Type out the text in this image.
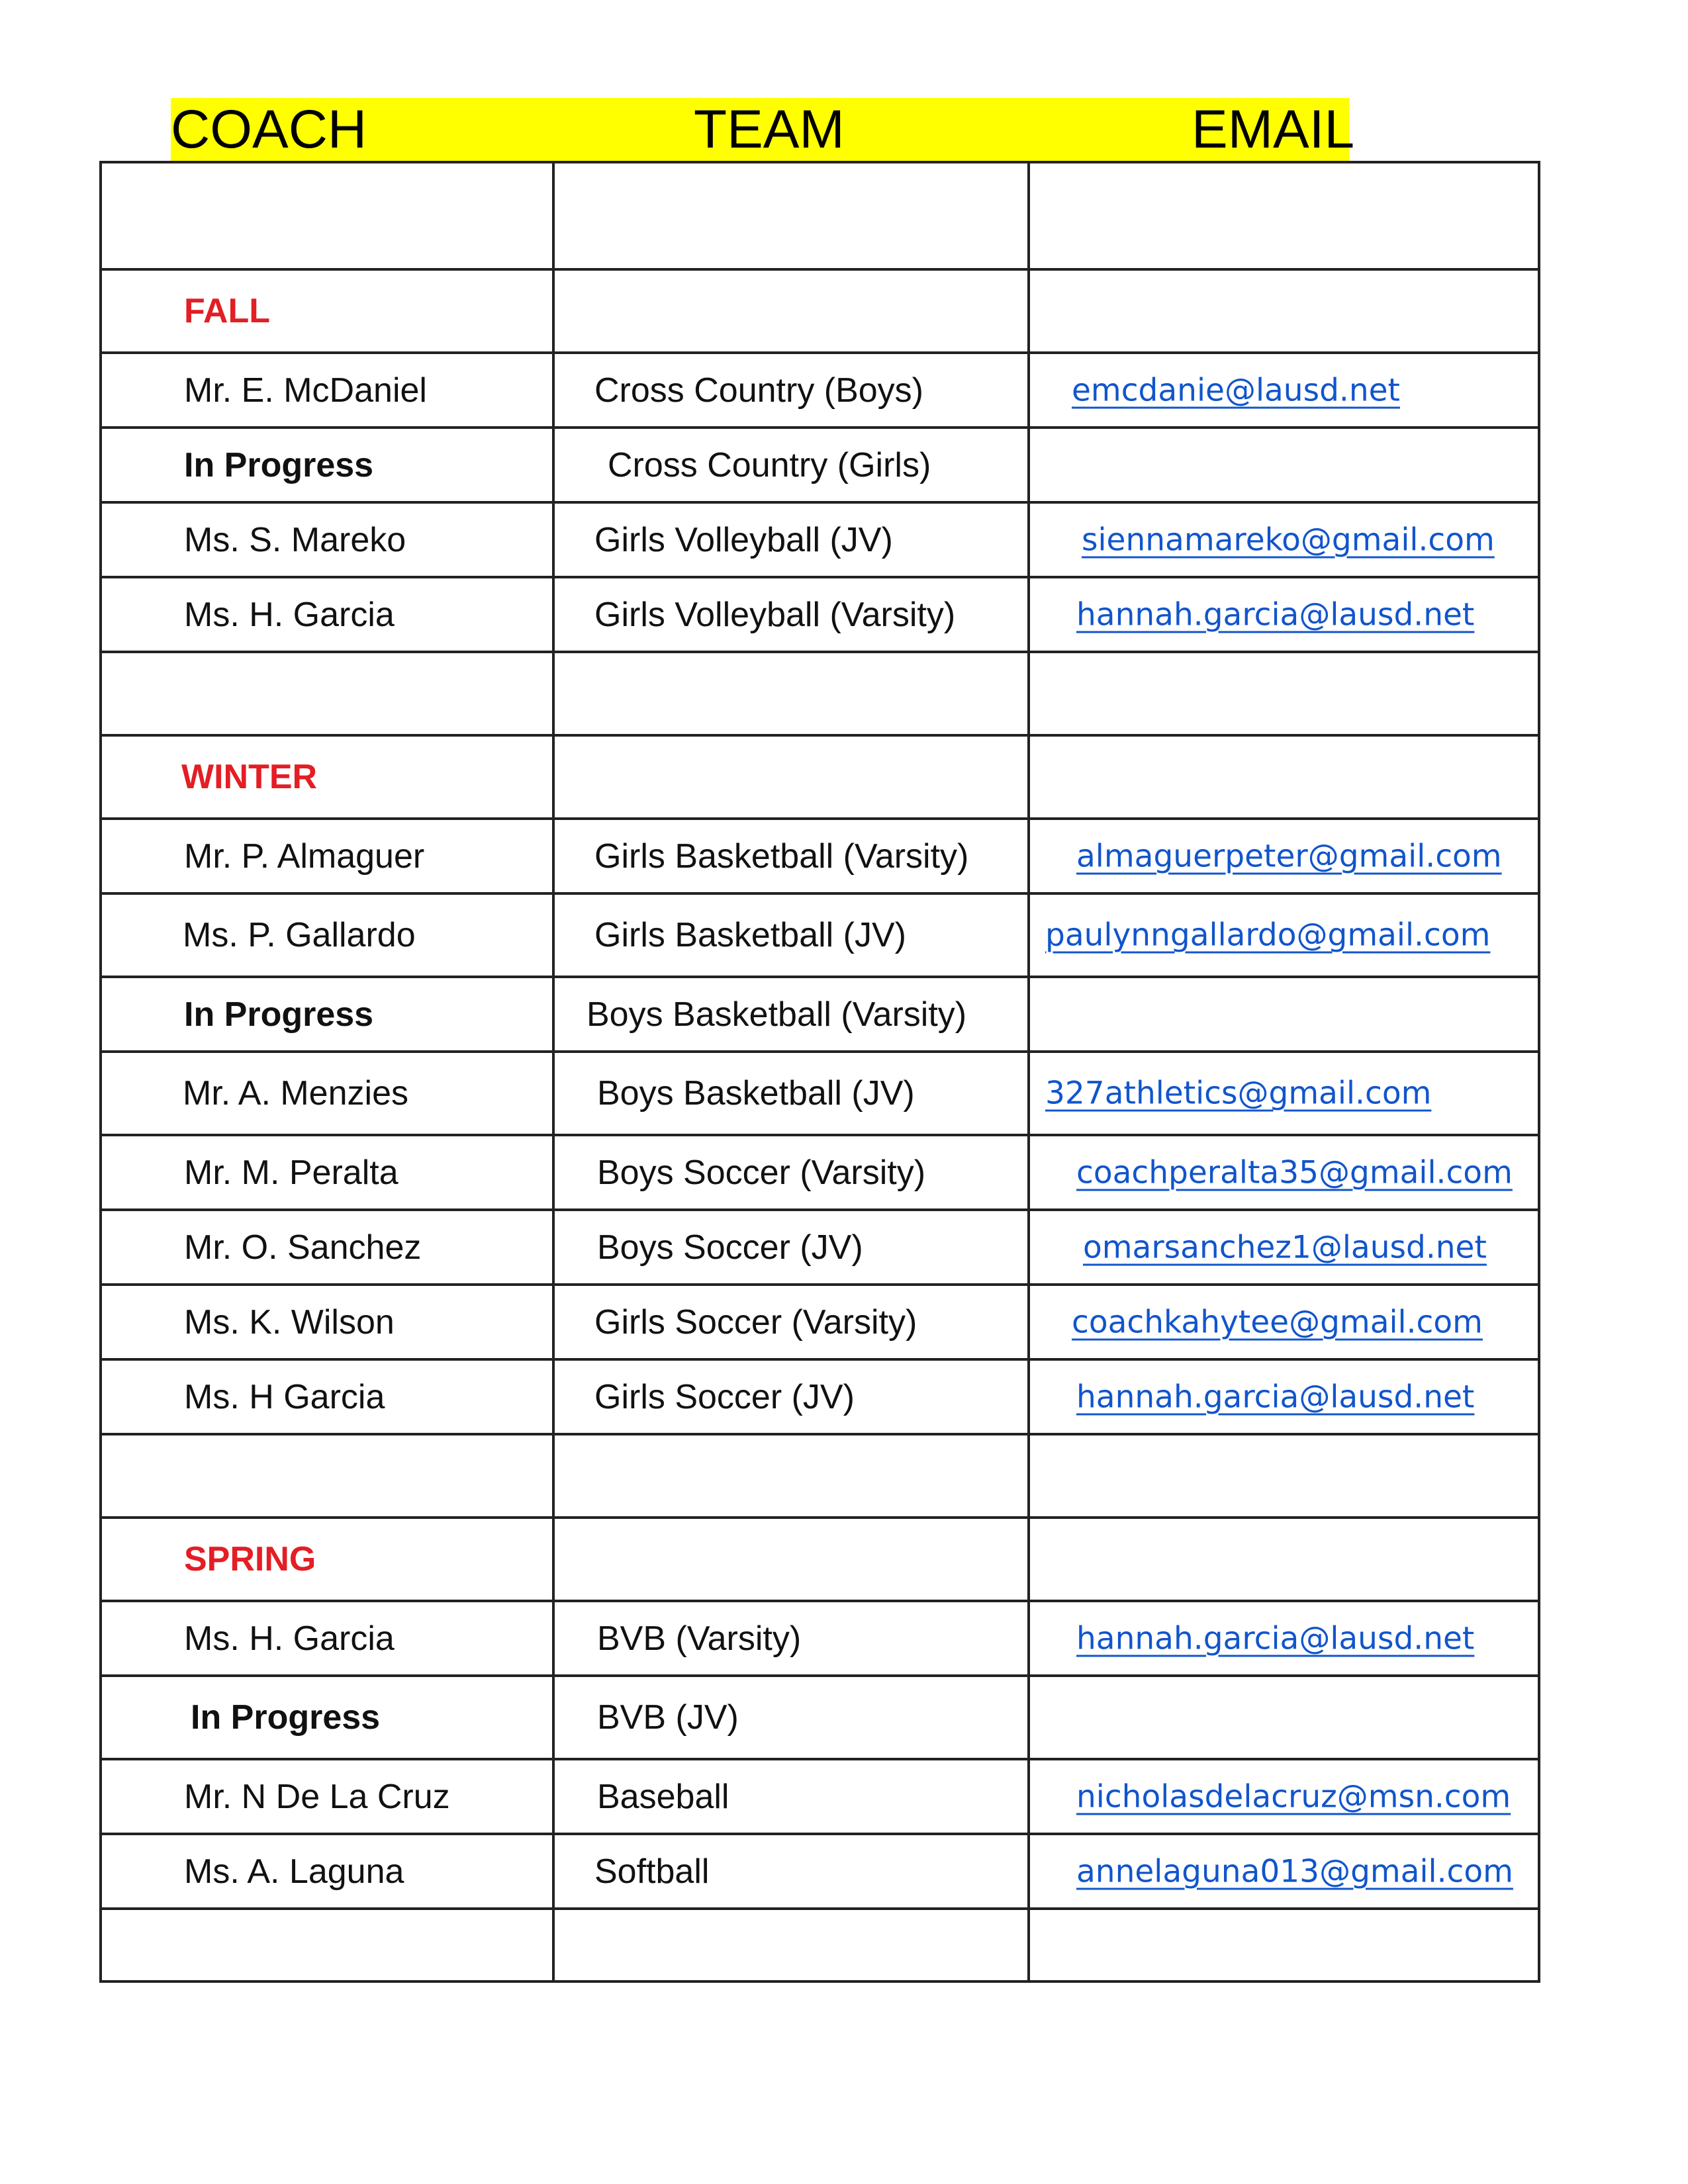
COACH	TEAM	EMAIL
FALL
Mr. E. McDaniel	Cross Country (Boys)	emcdanie@lausd.net
In Progress	Cross Country (Girls)
Ms. S. Mareko	Girls Volleyball (JV)	siennamareko@gmail.com
Ms. H. Garcia	Girls Volleyball (Varsity)	hannah.garcia@lausd.net
WINTER
Mr. P. Almaguer	Girls Basketball (Varsity)	almaguerpeter@gmail.com
Ms. P. Gallardo	Girls Basketball (JV)	paulynngallardo@gmail.com
In Progress	Boys Basketball (Varsity)
Mr. A. Menzies	Boys Basketball (JV)	327athletics@gmail.com
Mr. M. Peralta	Boys Soccer (Varsity)	coachperalta35@gmail.com
Mr. O. Sanchez	Boys Soccer (JV)	omarsanchez1@lausd.net
Ms. K. Wilson	Girls Soccer (Varsity)	coachkahytee@gmail.com
Ms. H Garcia	Girls Soccer (JV)	hannah.garcia@lausd.net
SPRING
Ms. H. Garcia	BVB (Varsity)	hannah.garcia@lausd.net
In Progress	BVB (JV)
Mr. N De La Cruz	Baseball	nicholasdelacruz@msn.com
Ms. A. Laguna	Softball	annelaguna013@gmail.com
